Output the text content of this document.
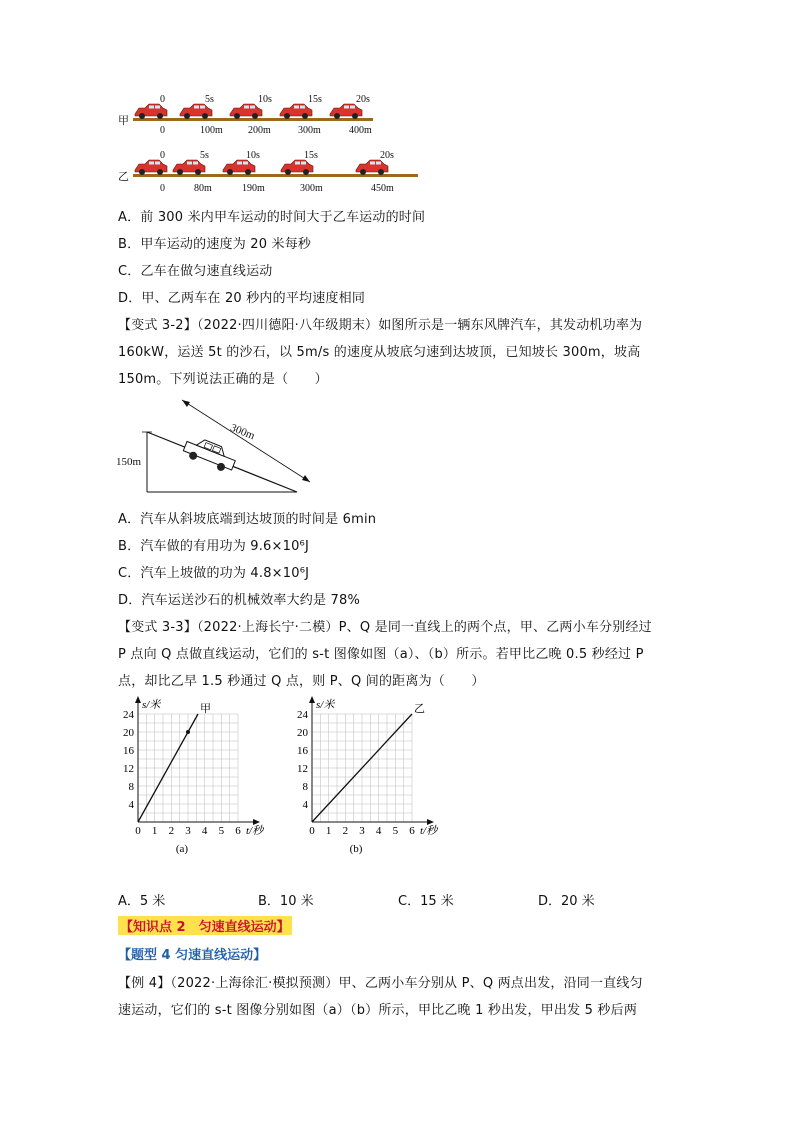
甲
乙
0	5s	10s	15s	20s
0	100m	200m	300m	400m
0	5s	10s	15s	20s
0	80m	190m	300m	450m
A．前 300 米内甲车运动的时间大于乙车运动的时间
B．甲车运动的速度为 20 米每秒
C．乙车在做匀速直线运动
D．甲、乙两车在 20 秒内的平均速度相同
【变式 3-2】（2022·四川德阳·八年级期末）如图所示是一辆东风牌汽车，其发动机功率为
160kW，运送 5t 的沙石，以 5m/s 的速度从坡底匀速到达坡顶，已知坡长 300m，坡高
150m。下列说法正确的是（　　）
150m
300m
A．汽车从斜坡底端到达坡顶的时间是 6min
B．汽车做的有用功为 9.6×10⁶J
C．汽车上坡做的功为 4.8×10⁶J
D．汽车运送沙石的机械效率大约是 78%
【变式 3-3】（2022·上海长宁·二模）P、Q 是同一直线上的两个点，甲、乙两小车分别经过
P 点向 Q 点做直线运动，它们的 s-t 图像如图（a）、（b）所示。若甲比乙晚 0.5 秒经过 P
点，却比乙早 1.5 秒通过 Q 点，则 P、Q 间的距离为（　　）
0 1 2 3 4 5 6
4
8
12
16
20
24
s/米
t/秒
甲
(a)
0 1 2 3 4 5 6
4
8
12
16
20
24
s/米
t/秒
乙
(b)
A．5 米	B．10 米	C．15 米	D．20 米
【知识点 2　匀速直线运动】
【题型 4 匀速直线运动】
【例 4】（2022·上海徐汇·模拟预测）甲、乙两小车分别从 P、Q 两点出发，沿同一直线匀
速运动，它们的 s-t 图像分别如图（a）（b）所示，甲比乙晚 1 秒出发，甲出发 5 秒后两
